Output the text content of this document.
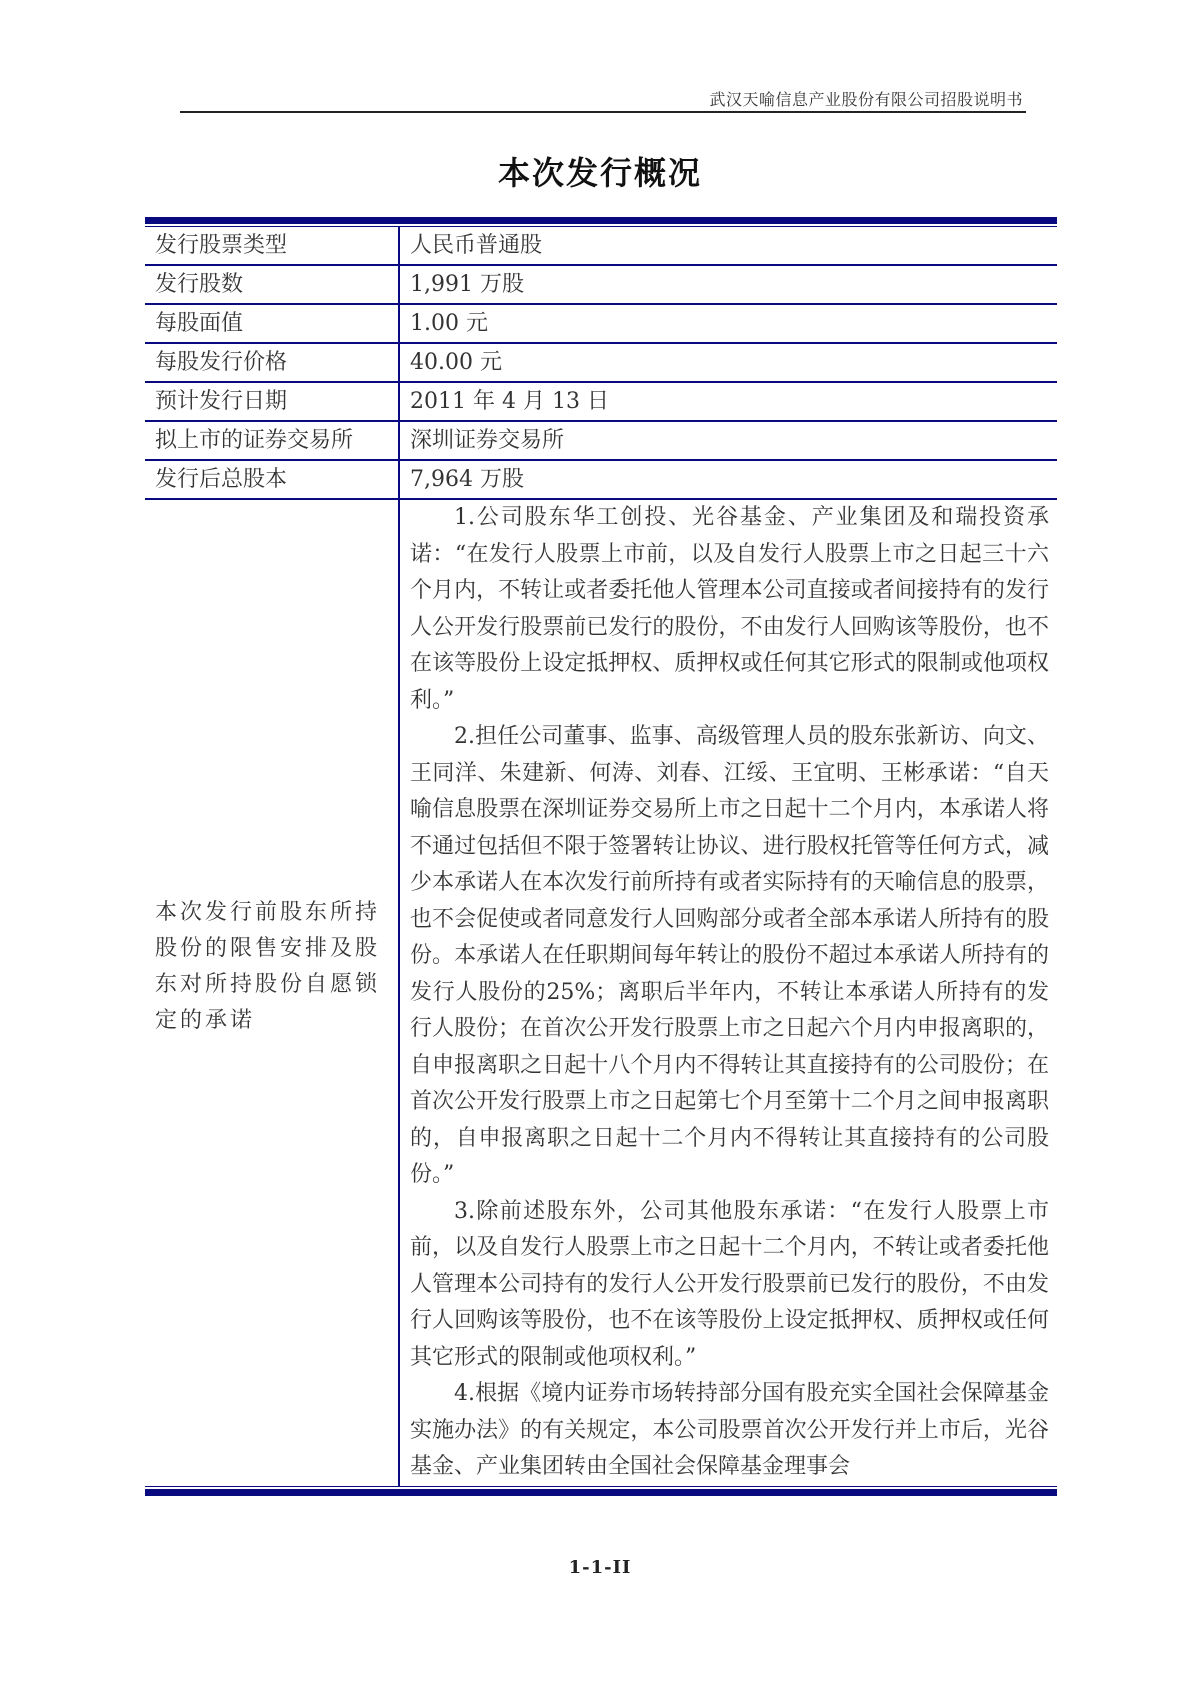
武汉天喻信息产业股份有限公司招股说明书
本次发行概况
发行股票类型	人民币普通股
发行股数	1,991 万股
每股面值	1.00 元
每股发行价格	40.00 元
预计发行日期	2011 年 4 月 13 日
拟上市的证券交易所	深圳证券交易所
发行后总股本	7,964 万股
本次发行前股东所持股份的限售安排及股东对所持股份自愿锁定的承诺	1.公司股东华工创投、光谷基金、产业集团及和瑞投资承诺：“在发行人股票上市前，以及自发行人股票上市之日起三十六个月内，不转让或者委托他人管理本公司直接或者间接持有的发行人公开发行股票前已发行的股份，不由发行人回购该等股份，也不在该等股份上设定抵押权、质押权或任何其它形式的限制或他项权利。”

2.担任公司董事、监事、高级管理人员的股东张新访、向文、王同洋、朱建新、何涛、刘春、江绥、王宜明、王彬承诺：“自天喻信息股票在深圳证券交易所上市之日起十二个月内，本承诺人将不通过包括但不限于签署转让协议、进行股权托管等任何方式，减少本承诺人在本次发行前所持有或者实际持有的天喻信息的股票，也不会促使或者同意发行人回购部分或者全部本承诺人所持有的股份。本承诺人在任职期间每年转让的股份不超过本承诺人所持有的发行人股份的25%；离职后半年内，不转让本承诺人所持有的发行人股份；在首次公开发行股票上市之日起六个月内申报离职的，自申报离职之日起十八个月内不得转让其直接持有的公司股份；在首次公开发行股票上市之日起第七个月至第十二个月之间申报离职的，自申报离职之日起十二个月内不得转让其直接持有的公司股份。”

3.除前述股东外，公司其他股东承诺：“在发行人股票上市前，以及自发行人股票上市之日起十二个月内，不转让或者委托他人管理本公司持有的发行人公开发行股票前已发行的股份，不由发行人回购该等股份，也不在该等股份上设定抵押权、质押权或任何其它形式的限制或他项权利。”

4.根据《境内证券市场转持部分国有股充实全国社会保障基金实施办法》的有关规定，本公司股票首次公开发行并上市后，光谷基金、产业集团转由全国社会保障基金理事会

1-1-II
